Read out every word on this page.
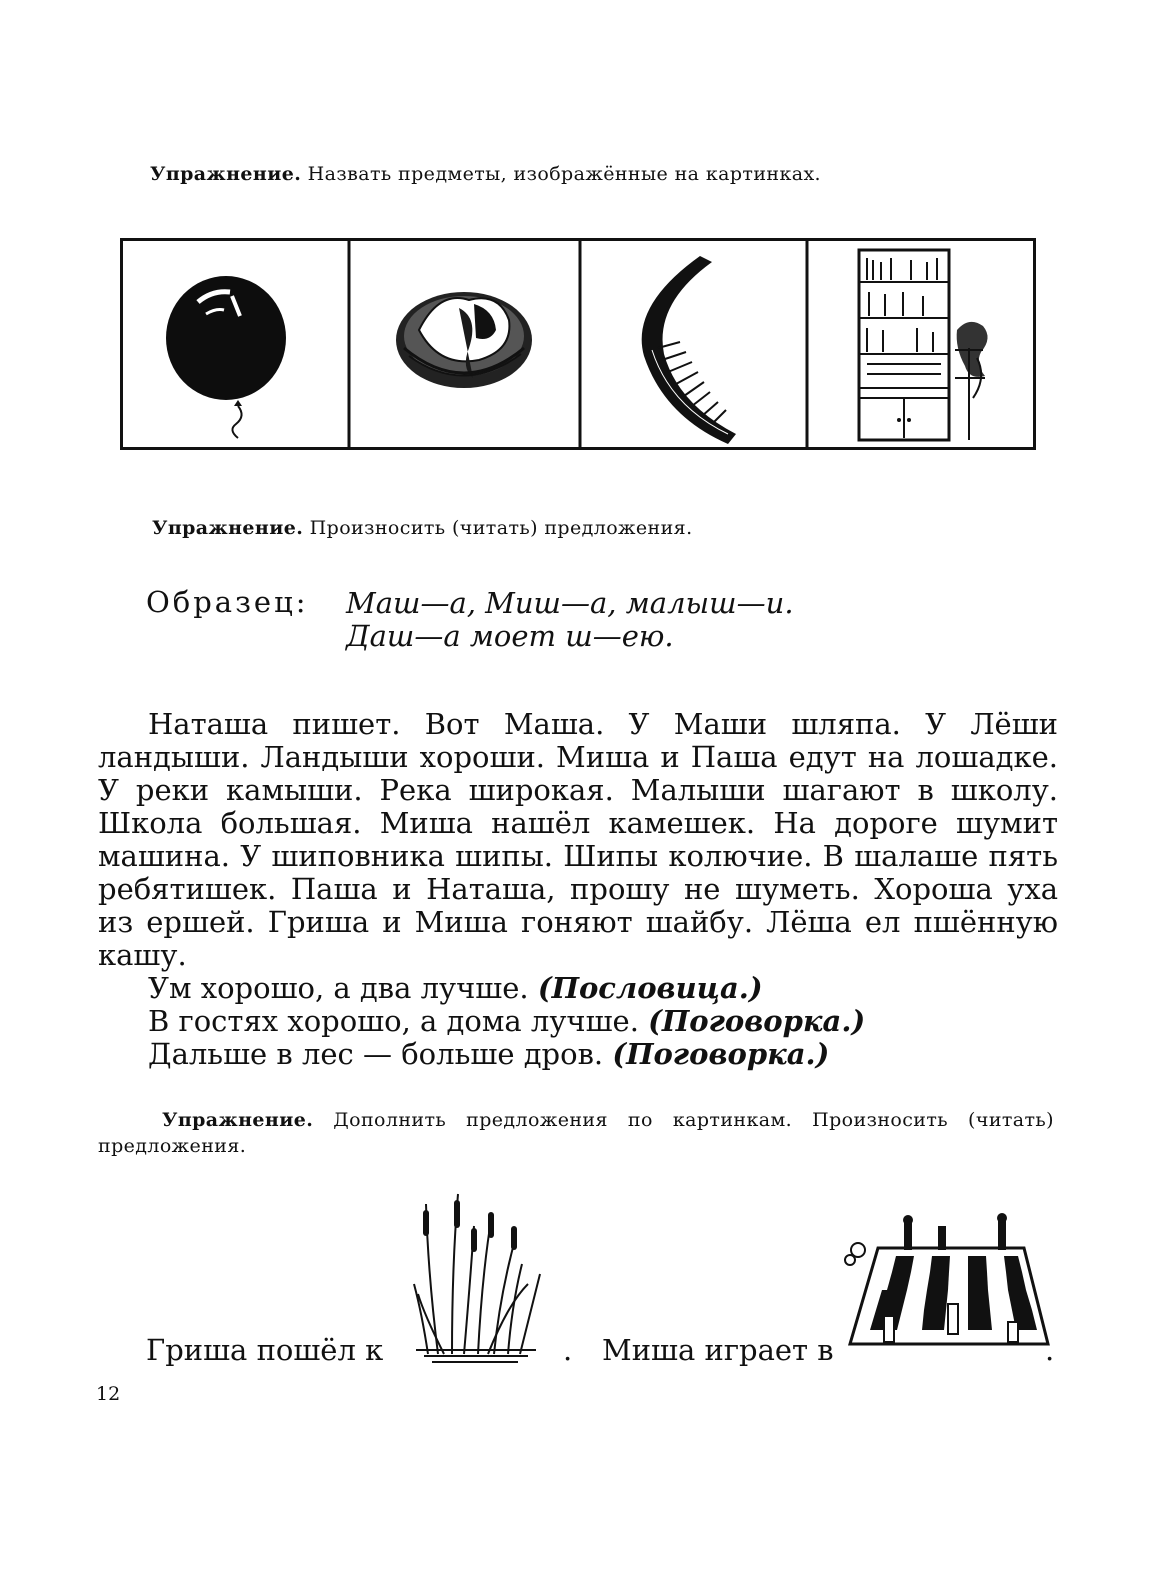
Упражнение. Назвать предметы, изображённые на картинках.
Упражнение. Произносить (читать) предложения.
Образец: Маш—а, Миш—а, малыш—и.
Даш—а моет ш—ею.

Наташа пишет. Вот Маша. У Маши шляпа. У Лёши ландыши. Ландыши хороши. Миша и Паша едут на лошадке. У реки камыши. Река широкая. Малыши шагают в школу. Школа большая. Миша нашёл камешек. На дороге шумит машина. У шиповника шипы. Шипы колючие. В шалаше пять ребятишек. Паша и Наташа, прошу не шуметь. Хороша уха из ершей. Гриша и Миша гоняют шайбу. Лёша ел пшённую кашу.

Ум хорошо, а два лучше. (Пословица.)
В гостях хорошо, а дома лучше. (Поговорка.)
Дальше в лес — больше дров. (Поговорка.)
Упражнение. Дополнить предложения по картинкам. Произносить (читать) предложения.
Гриша пошёл к	. Миша играет в	.
12
